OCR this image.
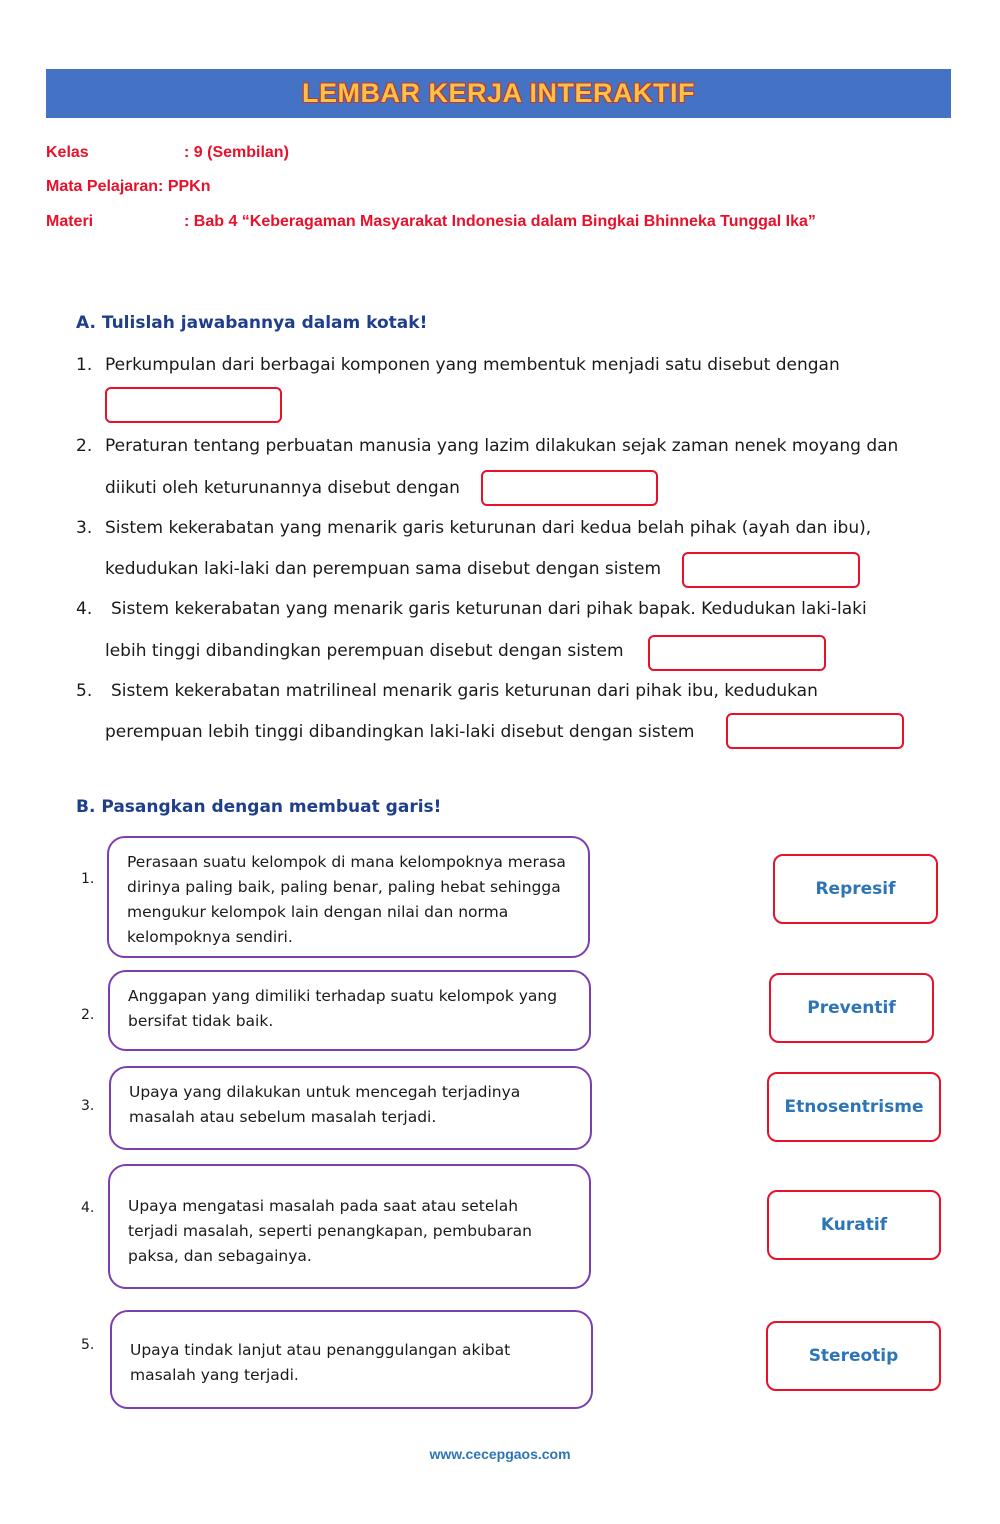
LEMBAR KERJA INTERAKTIF
Kelas	: 9 (Sembilan)
Mata Pelajaran: PPKn
Materi	: Bab 4 “Keberagaman Masyarakat Indonesia dalam Bingkai Bhinneka Tunggal Ika”
A. Tulislah jawabannya dalam kotak!
1. Perkumpulan dari berbagai komponen yang membentuk menjadi satu disebut dengan
2. Peraturan tentang perbuatan manusia yang lazim dilakukan sejak zaman nenek moyang dan
diikuti oleh keturunannya disebut dengan
3. Sistem kekerabatan yang menarik garis keturunan dari kedua belah pihak (ayah dan ibu),
kedudukan laki-laki dan perempuan sama disebut dengan sistem
4. Sistem kekerabatan yang menarik garis keturunan dari pihak bapak. Kedudukan laki-laki
lebih tinggi dibandingkan perempuan disebut dengan sistem
5. Sistem kekerabatan matrilineal menarik garis keturunan dari pihak ibu, kedudukan
perempuan lebih tinggi dibandingkan laki-laki disebut dengan sistem
B. Pasangkan dengan membuat garis!
1.
Perasaan suatu kelompok di mana kelompoknya merasa dirinya paling baik, paling benar, paling hebat sehingga mengukur kelompok lain dengan nilai dan norma kelompoknya sendiri.
2.
Anggapan yang dimiliki terhadap suatu kelompok yang bersifat tidak baik.
3.
Upaya yang dilakukan untuk mencegah terjadinya masalah atau sebelum masalah terjadi.
4.	Upaya mengatasi masalah pada saat atau setelah terjadi masalah, seperti penangkapan, pembubaran paksa, dan sebagainya.
5.	Upaya tindak lanjut atau penanggulangan akibat masalah yang terjadi.
Represif
Preventif
Etnosentrisme
Kuratif
Stereotip
www.cecepgaos.com
